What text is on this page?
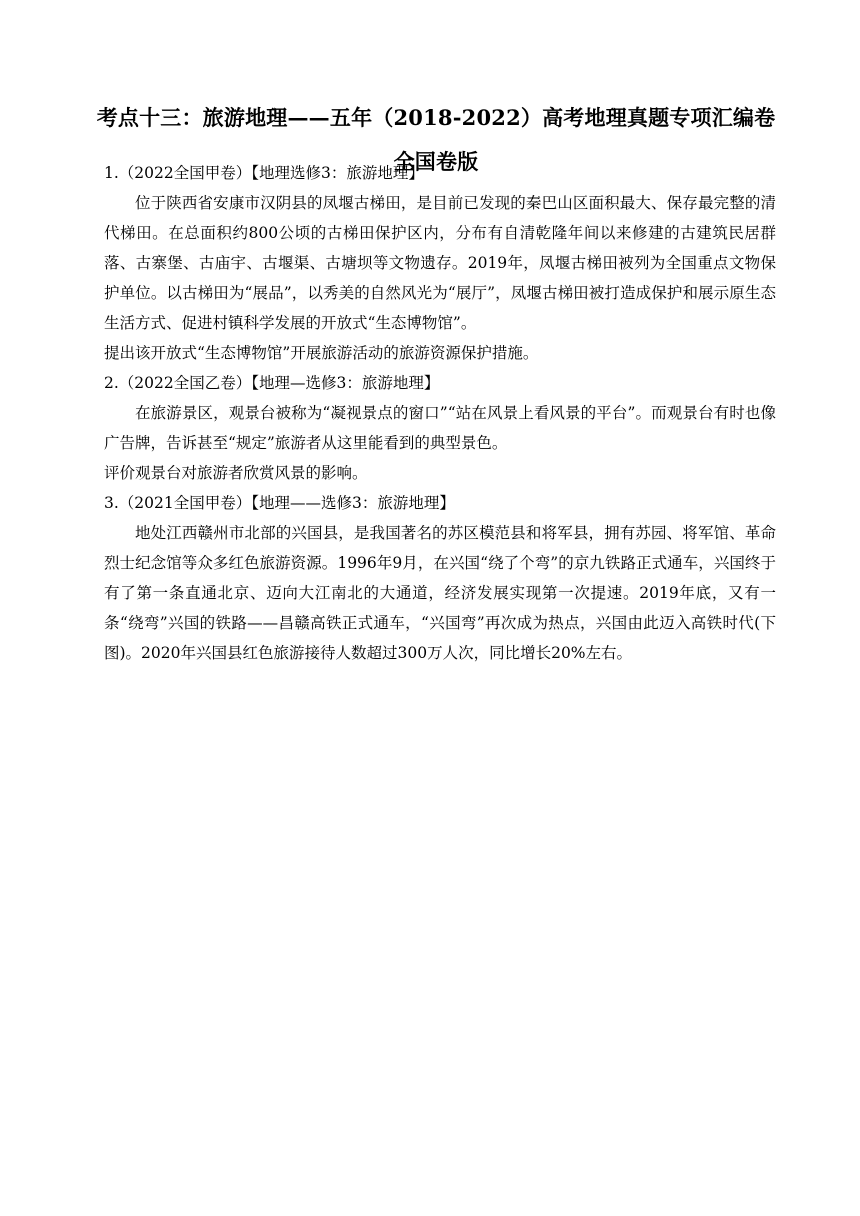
考点十三：旅游地理——五年（2018-2022）高考地理真题专项汇编卷 全国卷版
1.（2022全国甲卷）【地理选修3：旅游地理】

位于陕西省安康市汉阴县的凤堰古梯田，是目前已发现的秦巴山区面积最大、保存最完整的清代梯田。在总面积约800公顷的古梯田保护区内，分布有自清乾隆年间以来修建的古建筑民居群落、古寨堡、古庙宇、古堰渠、古塘坝等文物遗存。2019年，凤堰古梯田被列为全国重点文物保护单位。以古梯田为“展品”，以秀美的自然风光为“展厅”，凤堰古梯田被打造成保护和展示原生态生活方式、促进村镇科学发展的开放式“生态博物馆”。

提出该开放式“生态博物馆”开展旅游活动的旅游资源保护措施。

2.（2022全国乙卷）【地理—选修3：旅游地理】

在旅游景区，观景台被称为“凝视景点的窗口”“站在风景上看风景的平台”。而观景台有时也像广告牌，告诉甚至“规定”旅游者从这里能看到的典型景色。

评价观景台对旅游者欣赏风景的影响。

3.（2021全国甲卷）【地理——选修3：旅游地理】

地处江西赣州市北部的兴国县，是我国著名的苏区模范县和将军县，拥有苏园、将军馆、革命烈士纪念馆等众多红色旅游资源。1996年9月，在兴国“绕了个弯”的京九铁路正式通车，兴国终于有了第一条直通北京、迈向大江南北的大通道，经济发展实现第一次提速。2019年底，又有一条“绕弯”兴国的铁路——昌赣高铁正式通车，“兴国弯”再次成为热点，兴国由此迈入高铁时代(下图)。2020年兴国县红色旅游接待人数超过300万人次，同比增长20%左右。
